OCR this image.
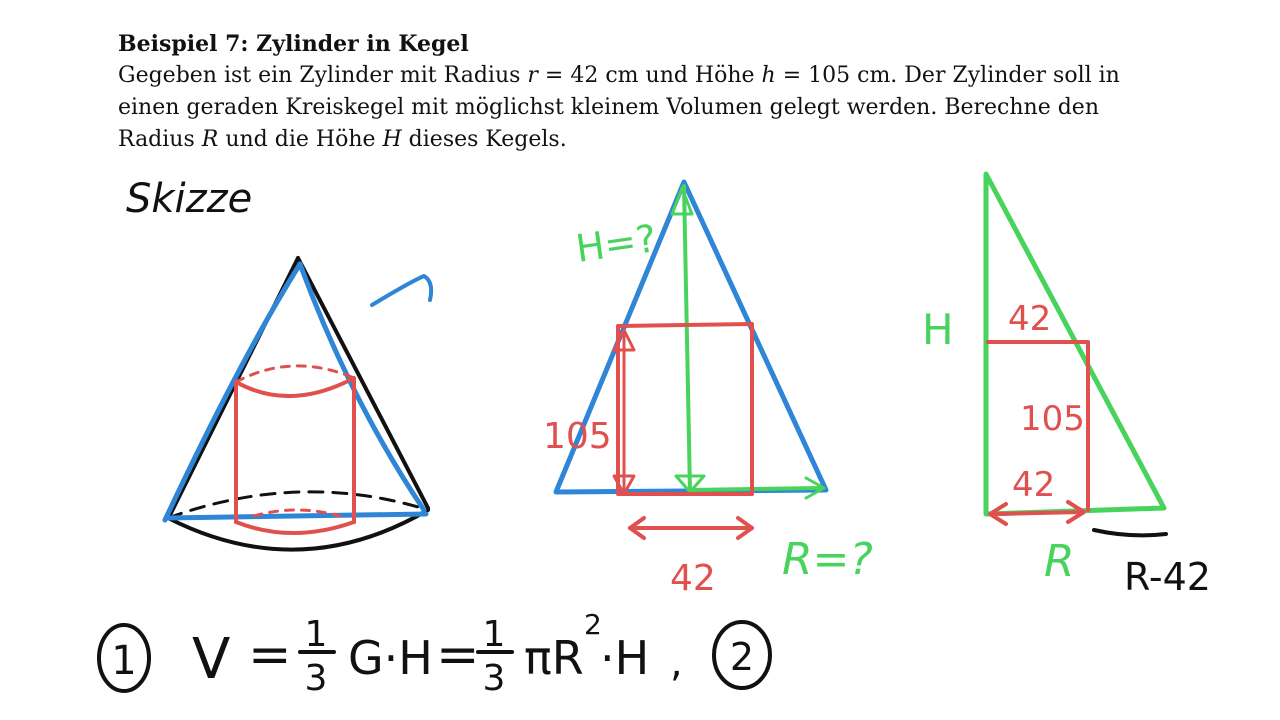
Beispiel 7: Zylinder in Kegel
Gegeben ist ein Zylinder mit Radius r = 42 cm und Höhe h = 105 cm. Der Zylinder soll in einen geraden Kreiskegel mit möglichst kleinem Volumen gelegt werden. Berechne den Radius R und die Höhe H dieses Kegels.
Skizze
H=?
105
42 R=?
H 42
105
42
R R-42
1 V = 1
3 G·H = 1
3 πR
2
·H , 2
